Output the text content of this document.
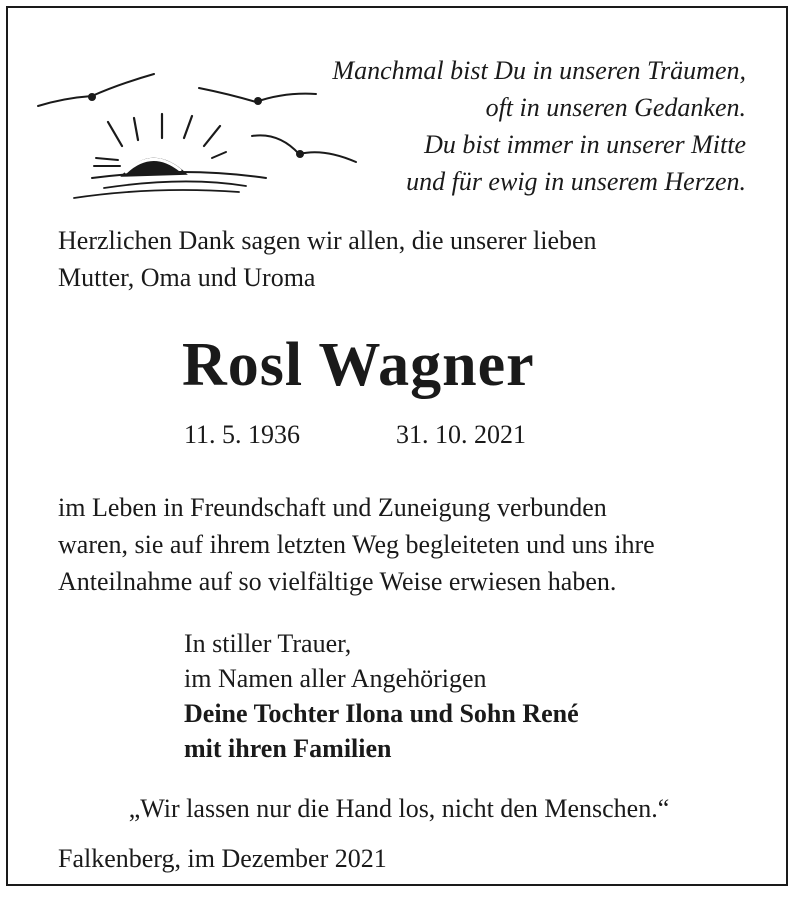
Manchmal bist Du in unseren Träumen,
oft in unseren Gedanken.
Du bist immer in unserer Mitte
und für ewig in unserem Herzen.
Herzlichen Dank sagen wir allen, die unserer lieben
Mutter, Oma und Uroma
Rosl Wagner
11. 5. 1936	31. 10. 2021
im Leben in Freundschaft und Zuneigung verbunden
waren, sie auf ihrem letzten Weg begleiteten und uns ihre
Anteilnahme auf so vielfältige Weise erwiesen haben.
In stiller Trauer,
im Namen aller Angehörigen
Deine Tochter Ilona und Sohn René
mit ihren Familien
„Wir lassen nur die Hand los, nicht den Menschen.“
Falkenberg, im Dezember 2021
